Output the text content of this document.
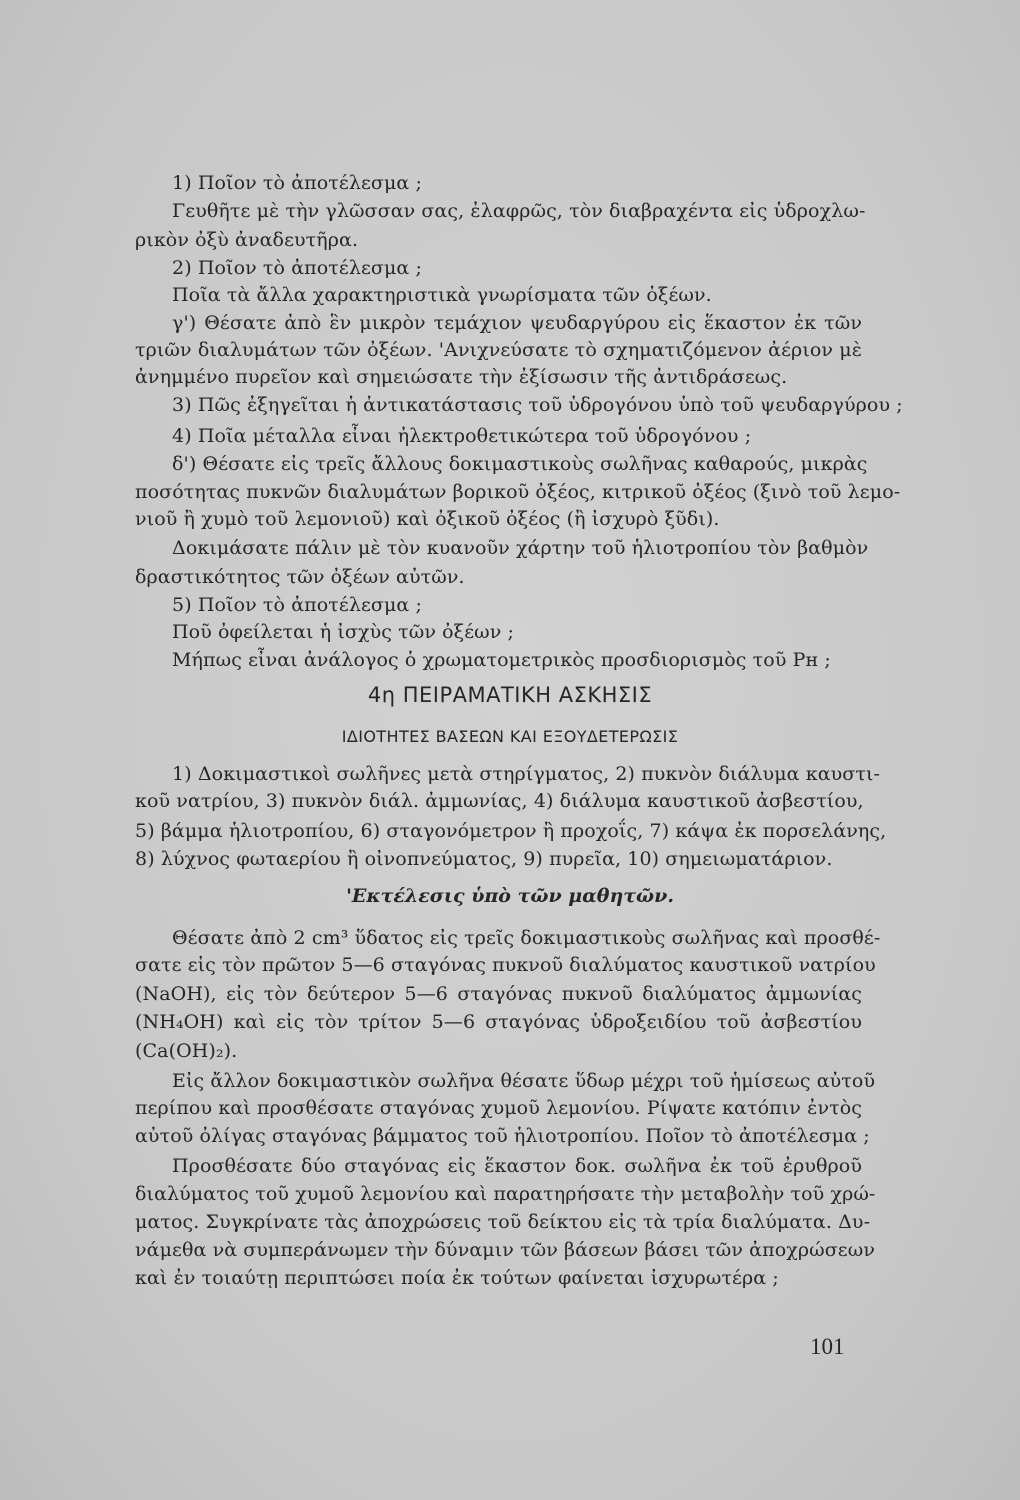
1) Ποῖον τὸ ἀποτέλεσμα ;
Γευθῆτε μὲ τὴν γλῶσσαν σας, ἐλαφρῶς, τὸν διαβραχέντα εἰς ὑδροχλω-
ρικὸν ὀξὺ ἀναδευτῆρα.
2) Ποῖον τὸ ἀποτέλεσμα ;
Ποῖα τὰ ἄλλα χαρακτηριστικὰ γνωρίσματα τῶν ὀξέων.
γ') Θέσατε ἀπὸ ἓν μικρὸν τεμάχιον ψευδαργύρου εἰς ἕκαστον ἐκ τῶν
τριῶν διαλυμάτων τῶν ὀξέων. 'Ανιχνεύσατε τὸ σχηματιζόμενον ἀέριον μὲ
ἀνημμένο πυρεῖον καὶ σημειώσατε τὴν ἐξίσωσιν τῆς ἀντιδράσεως.
3) Πῶς ἐξηγεῖται ἡ ἀντικατάστασις τοῦ ὑδρογόνου ὑπὸ τοῦ ψευδαργύρου ;
4) Ποῖα μέταλλα εἶναι ἠλεκτροθετικώτερα τοῦ ὑδρογόνου ;
δ') Θέσατε εἰς τρεῖς ἄλλους δοκιμαστικοὺς σωλῆνας καθαρούς, μικρὰς
ποσότητας πυκνῶν διαλυμάτων βορικοῦ ὀξέος, κιτρικοῦ ὀξέος (ξινὸ τοῦ λεμο-
νιοῦ ἢ χυμὸ τοῦ λεμονιοῦ) καὶ ὀξικοῦ ὀξέος (ἢ ἰσχυρὸ ξῦδι).
Δοκιμάσατε πάλιν μὲ τὸν κυανοῦν χάρτην τοῦ ἡλιοτροπίου τὸν βαθμὸν
δραστικότητος τῶν ὀξέων αὐτῶν.
5) Ποῖον τὸ ἀποτέλεσμα ;
Ποῦ ὀφείλεται ἡ ἰσχὺς τῶν ὀξέων ;
Μήπως εἶναι ἀνάλογος ὁ χρωματομετρικὸς προσδιορισμὸς τοῦ Pʜ ;
4η ΠΕΙΡΑΜΑΤΙΚΗ ΑΣΚΗΣΙΣ
ΙΔΙΟΤΗΤΕΣ ΒΑΣΕΩΝ ΚΑΙ ΕΞΟΥΔΕΤΕΡΩΣΙΣ
1) Δοκιμαστικοὶ σωλῆνες μετὰ στηρίγματος, 2) πυκνὸν διάλυμα καυστι-
κοῦ νατρίου, 3) πυκνὸν διάλ. ἀμμωνίας, 4) διάλυμα καυστικοῦ ἀσβεστίου,
5) βάμμα ἡλιοτροπίου, 6) σταγονόμετρον ἢ προχοΐς, 7) κάψα ἐκ πορσελάνης,
8) λύχνος φωταερίου ἢ οἰνοπνεύματος, 9) πυρεῖα, 10) σημειωματάριον.
'Εκτέλεσις ὑπὸ τῶν μαθητῶν.
Θέσατε ἀπὸ 2 cm³ ὕδατος εἰς τρεῖς δοκιμαστικοὺς σωλῆνας καὶ προσθέ-
σατε εἰς τὸν πρῶτον 5—6 σταγόνας πυκνοῦ διαλύματος καυστικοῦ νατρίου
(NaOH), εἰς τὸν δεύτερον 5—6 σταγόνας πυκνοῦ διαλύματος ἀμμωνίας
(NH₄OH) καὶ εἰς τὸν τρίτον 5—6 σταγόνας ὑδροξειδίου τοῦ ἀσβεστίου
(Ca(OH)₂).
Εἰς ἄλλον δοκιμαστικὸν σωλῆνα θέσατε ὕδωρ μέχρι τοῦ ἡμίσεως αὐτοῦ
περίπου καὶ προσθέσατε σταγόνας χυμοῦ λεμονίου. Ρίψατε κατόπιν ἐντὸς
αὐτοῦ ὀλίγας σταγόνας βάμματος τοῦ ἡλιοτροπίου. Ποῖον τὸ ἀποτέλεσμα ;
Προσθέσατε δύο σταγόνας εἰς ἕκαστον δοκ. σωλῆνα ἐκ τοῦ ἐρυθροῦ
διαλύματος τοῦ χυμοῦ λεμονίου καὶ παρατηρήσατε τὴν μεταβολὴν τοῦ χρώ-
ματος. Συγκρίνατε τὰς ἀποχρώσεις τοῦ δείκτου εἰς τὰ τρία διαλύματα. Δυ-
νάμεθα νὰ συμπεράνωμεν τὴν δύναμιν τῶν βάσεων βάσει τῶν ἀποχρώσεων
καὶ ἐν τοιαύτῃ περιπτώσει ποία ἐκ τούτων φαίνεται ἰσχυρωτέρα ;
101
